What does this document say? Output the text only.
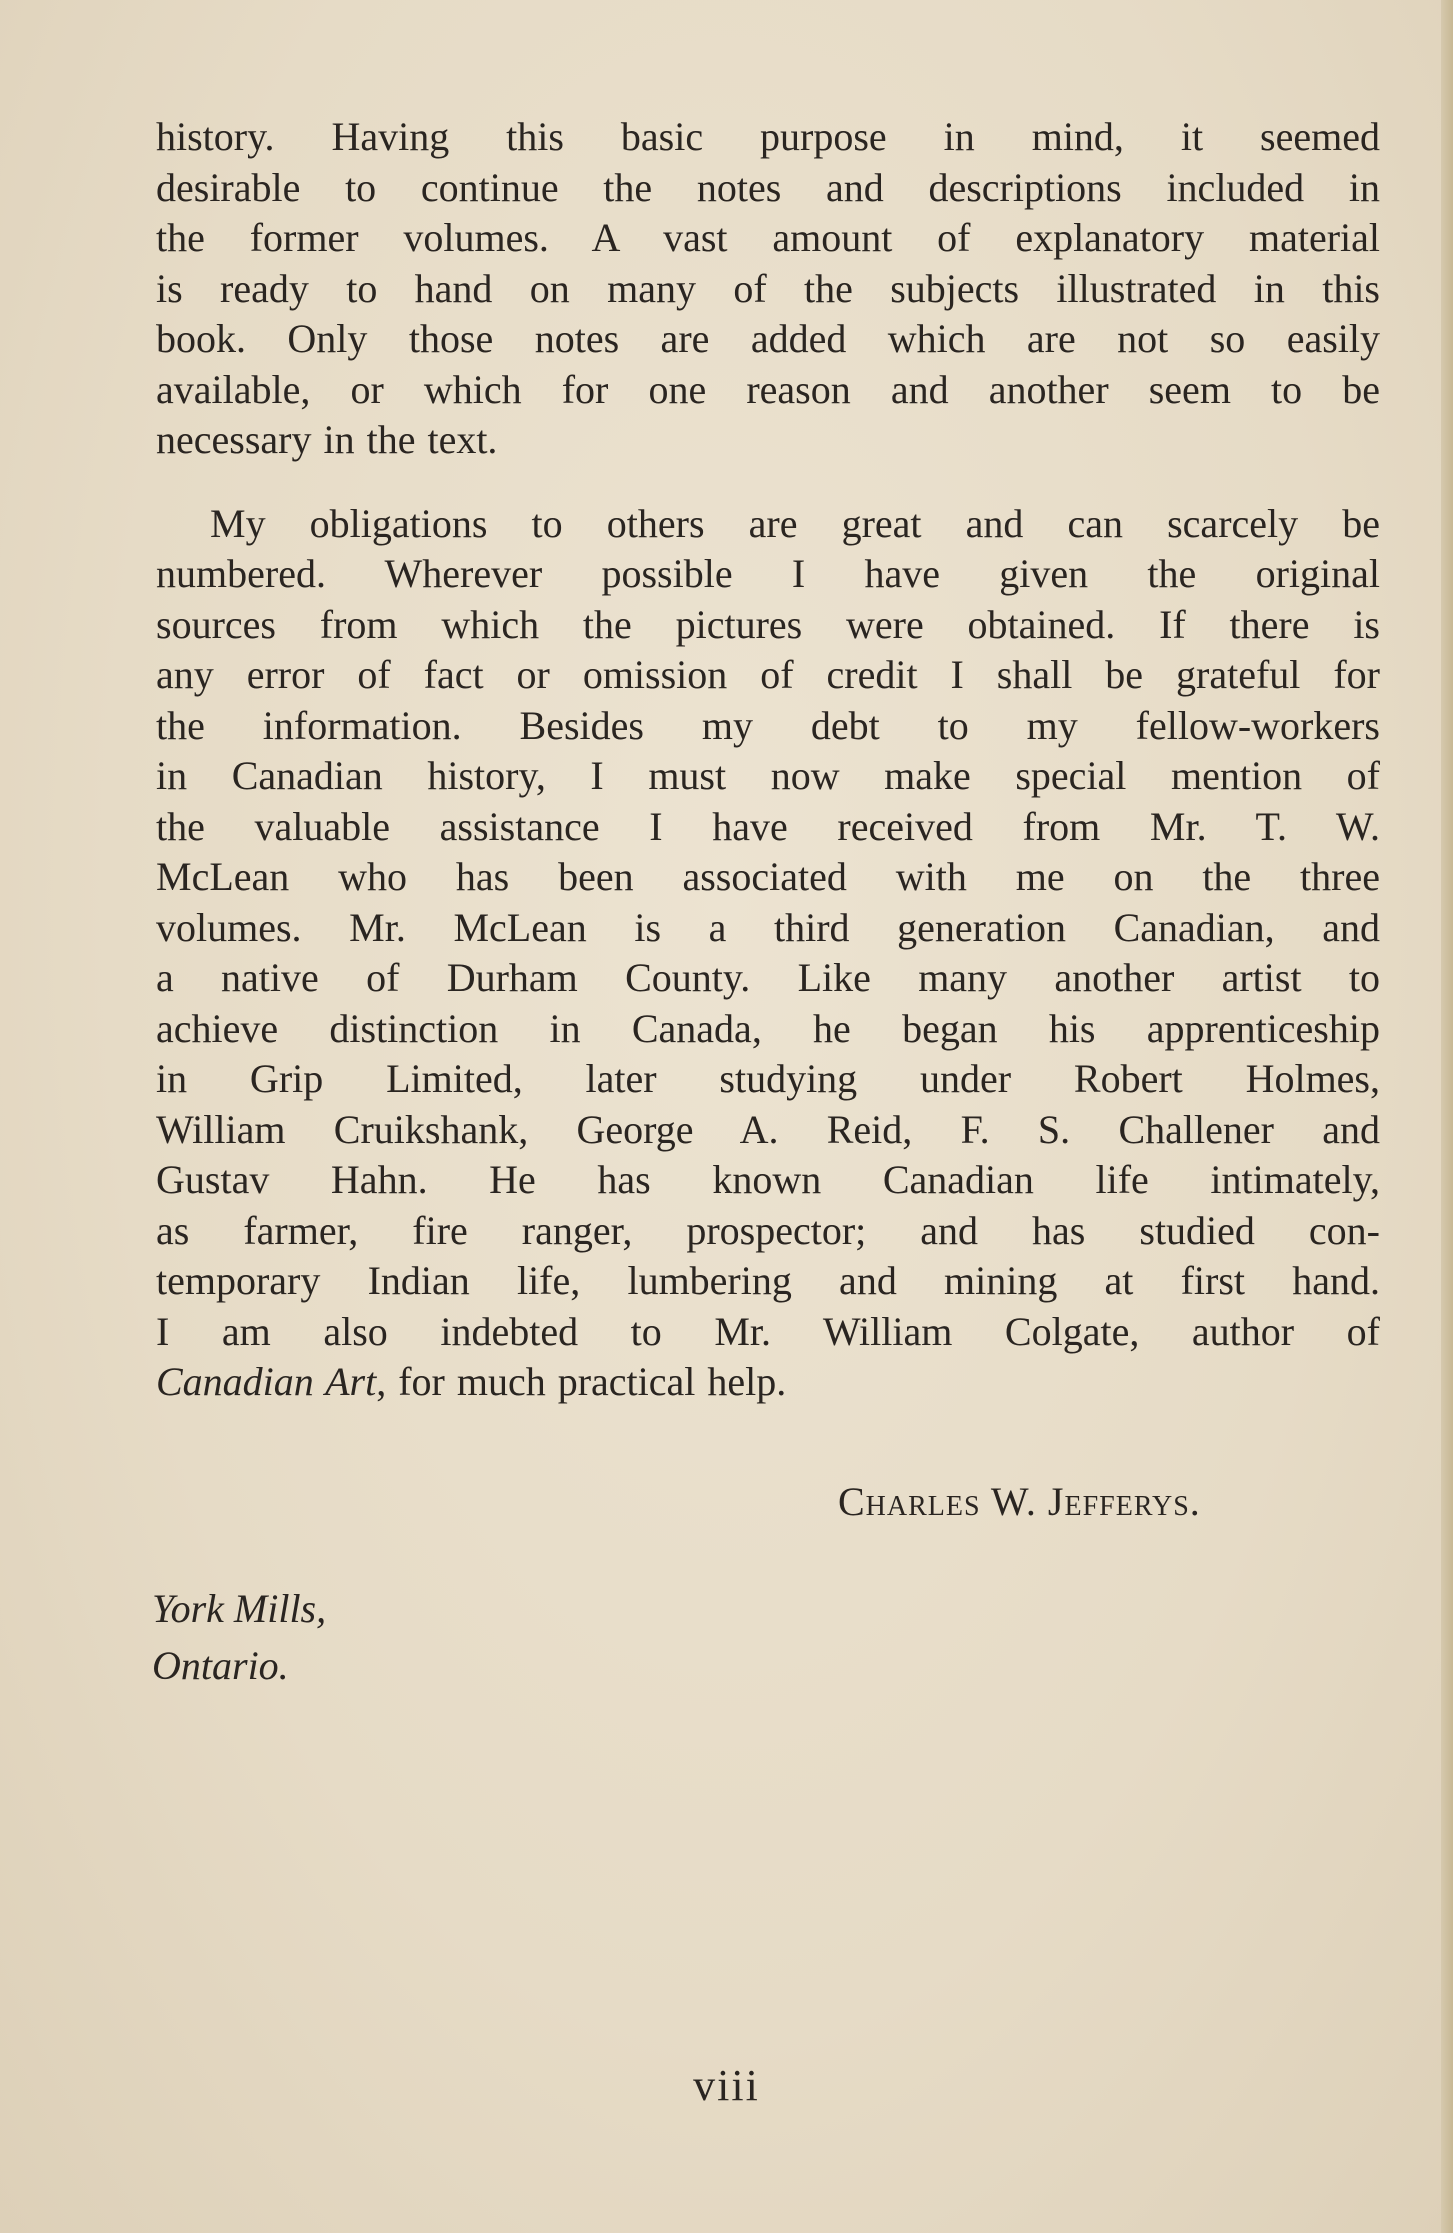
history. Having this basic purpose in mind, it seemed
desirable to continue the notes and descriptions included in
the former volumes. A vast amount of explanatory material
is ready to hand on many of the subjects illustrated in this
book. Only those notes are added which are not so easily
available, or which for one reason and another seem to be
necessary in the text.

My obligations to others are great and can scarcely be
numbered. Wherever possible I have given the original
sources from which the pictures were obtained. If there is
any error of fact or omission of credit I shall be grateful for
the information. Besides my debt to my fellow-workers
in Canadian history, I must now make special mention of
the valuable assistance I have received from Mr. T. W.
McLean who has been associated with me on the three
volumes. Mr. McLean is a third generation Canadian, and
a native of Durham County. Like many another artist to
achieve distinction in Canada, he began his apprenticeship
in Grip Limited, later studying under Robert Holmes,
William Cruikshank, George A. Reid, F. S. Challener and
Gustav Hahn. He has known Canadian life intimately,
as farmer, fire ranger, prospector; and has studied con-
temporary Indian life, lumbering and mining at first hand.
I am also indebted to Mr. William Colgate, author of
Canadian Art, for much practical help.

Charles W. Jefferys.
York Mills,
Ontario.
viii
